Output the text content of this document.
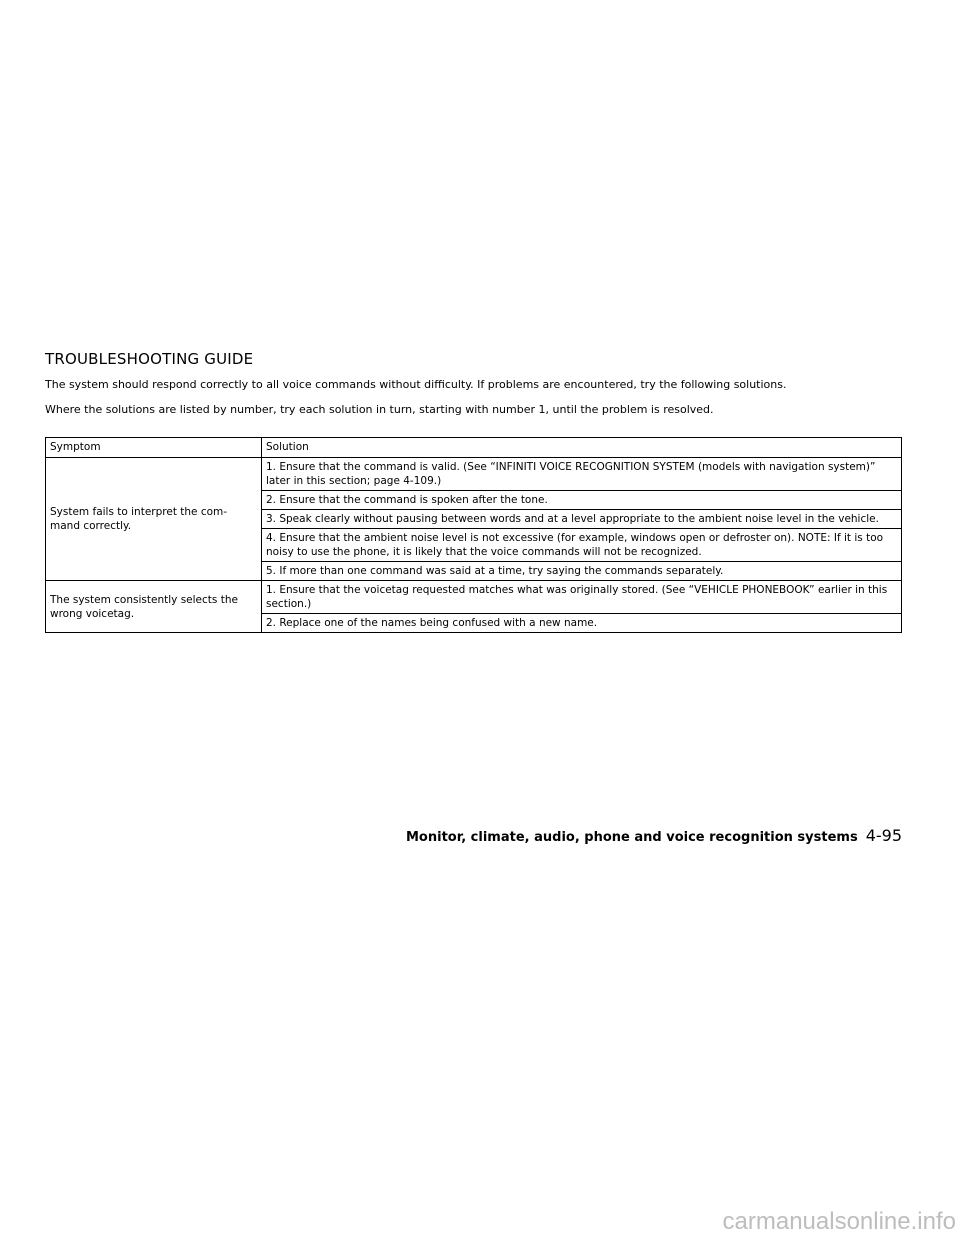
TROUBLESHOOTING GUIDE

The system should respond correctly to all voice commands without difficulty. If problems are encountered, try the following solutions.

Where the solutions are listed by number, try each solution in turn, starting with number 1, until the problem is resolved.

Symptom	Solution
System fails to interpret the com-
mand correctly.	1. Ensure that the command is valid. (See “INFINITI VOICE RECOGNITION SYSTEM (models with navigation system)” later in this section; page 4-109.)
	2. Ensure that the command is spoken after the tone.
	3. Speak clearly without pausing between words and at a level appropriate to the ambient noise level in the vehicle.
	4. Ensure that the ambient noise level is not excessive (for example, windows open or defroster on). NOTE: If it is too noisy to use the phone, it is likely that the voice commands will not be recognized.
	5. If more than one command was said at a time, try saying the commands separately.
The system consistently selects the wrong voicetag.	1. Ensure that the voicetag requested matches what was originally stored. (See “VEHICLE PHONEBOOK” earlier in this section.)
	2. Replace one of the names being confused with a new name.
Monitor, climate, audio, phone and voice recognition systems 4-95
carmanualsonline.info
